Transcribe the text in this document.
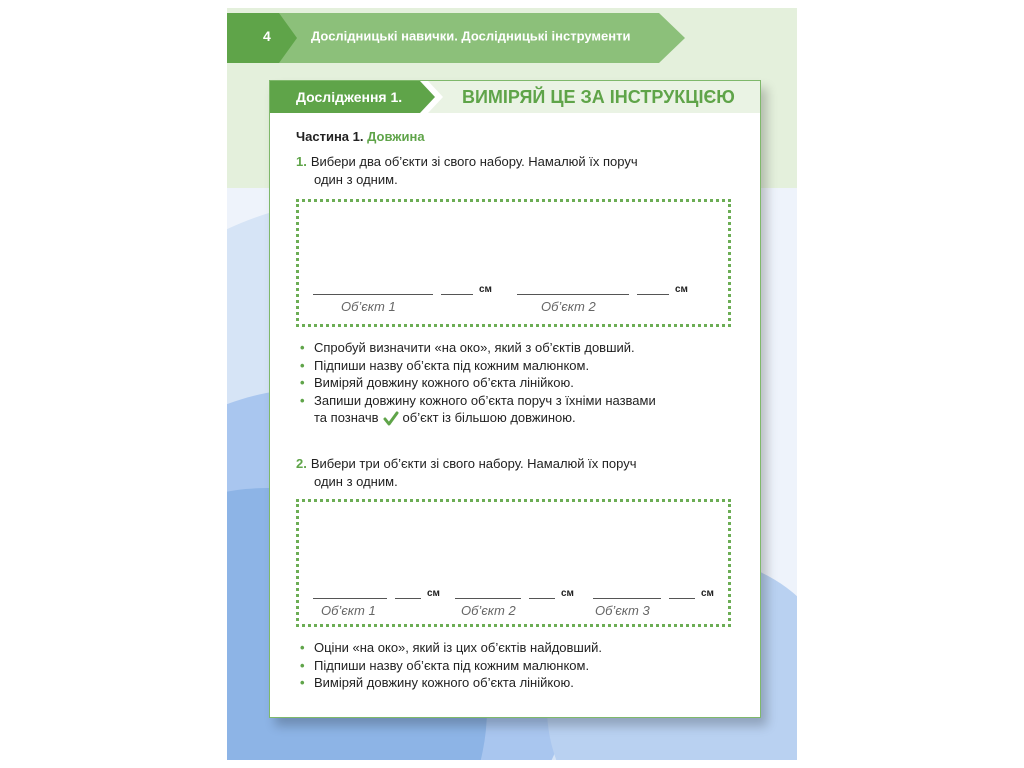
4	Дослідницькі навички. Дослідницькі інструменти
Дослідження 1.	ВИМІРЯЙ ЦЕ ЗА ІНСТРУКЦІЄЮ
Частина 1. Довжина
1. Вибери два об’єкти зі свого набору. Намалюй їх поруч
один з одним.
см
Об’єкт 1
см
Об’єкт 2
• Спробуй визначити «на око», який з об’єктів довший.
• Підпиши назву об’єкта під кожним малюнком.
• Виміряй довжину кожного об’єкта лінійкою.
• Запиши довжину кожного об’єкта поруч з їхніми назвами
та позначв об’єкт із більшою довжиною.
2. Вибери три об’єкти зі свого набору. Намалюй їх поруч
один з одним.
см
Об’єкт 1
см
Об’єкт 2
см
Об’єкт 3
• Оціни «на око», який із цих об’єктів найдовший.
• Підпиши назву об’єкта під кожним малюнком.
• Виміряй довжину кожного об’єкта лінійкою.
